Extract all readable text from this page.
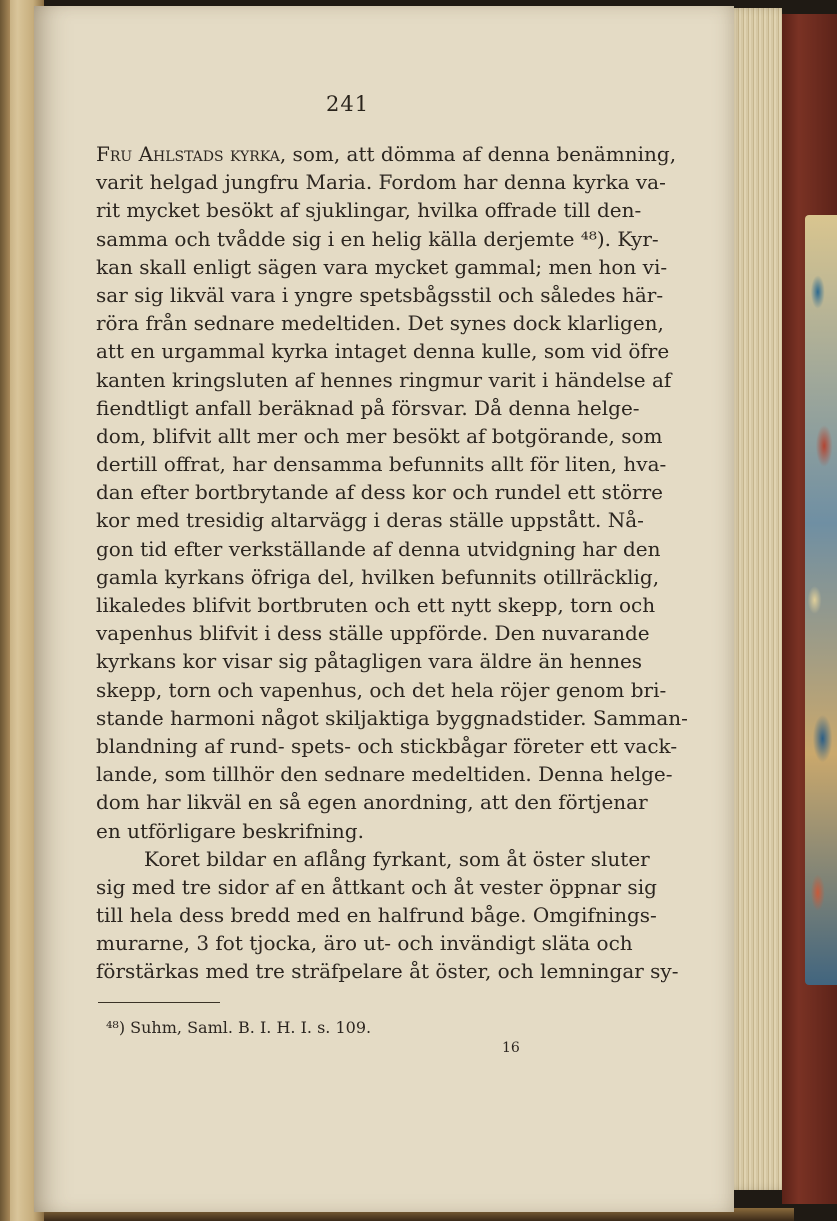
241
Fru Ahlstads kyrka, som, att dömma af denna benämning,
varit helgad jungfru Maria. Fordom har denna kyrka va-
rit mycket besökt af sjuklingar, hvilka offrade till den-
samma och tvådde sig i en helig källa derjemte ⁴⁸). Kyr-
kan skall enligt sägen vara mycket gammal; men hon vi-
sar sig likväl vara i yngre spetsbågsstil och således här-
röra från sednare medeltiden. Det synes dock klarligen,
att en urgammal kyrka intaget denna kulle, som vid öfre
kanten kringsluten af hennes ringmur varit i händelse af
fiendtligt anfall beräknad på försvar. Då denna helge-
dom, blifvit allt mer och mer besökt af botgörande, som
dertill offrat, har densamma befunnits allt för liten, hva-
dan efter bortbrytande af dess kor och rundel ett större
kor med tresidig altarvägg i deras ställe uppstått. Nå-
gon tid efter verkställande af denna utvidgning har den
gamla kyrkans öfriga del, hvilken befunnits otillräcklig,
likaledes blifvit bortbruten och ett nytt skepp, torn och
vapenhus blifvit i dess ställe uppförde. Den nuvarande
kyrkans kor visar sig påtagligen vara äldre än hennes
skepp, torn och vapenhus, och det hela röjer genom bri-
stande harmoni något skiljaktiga byggnadstider. Samman-
blandning af rund- spets- och stickbågar företer ett vack-
lande, som tillhör den sednare medeltiden. Denna helge-
dom har likväl en så egen anordning, att den förtjenar
en utförligare beskrifning.
Koret bildar en aflång fyrkant, som åt öster sluter
sig med tre sidor af en åttkant och åt vester öppnar sig
till hela dess bredd med en halfrund båge. Omgifnings-
murarne, 3 fot tjocka, äro ut- och invändigt släta och
förstärkas med tre sträfpelare åt öster, och lemningar sy-
⁴⁸) Suhm, Saml. B. I. H. I. s. 109.
16
